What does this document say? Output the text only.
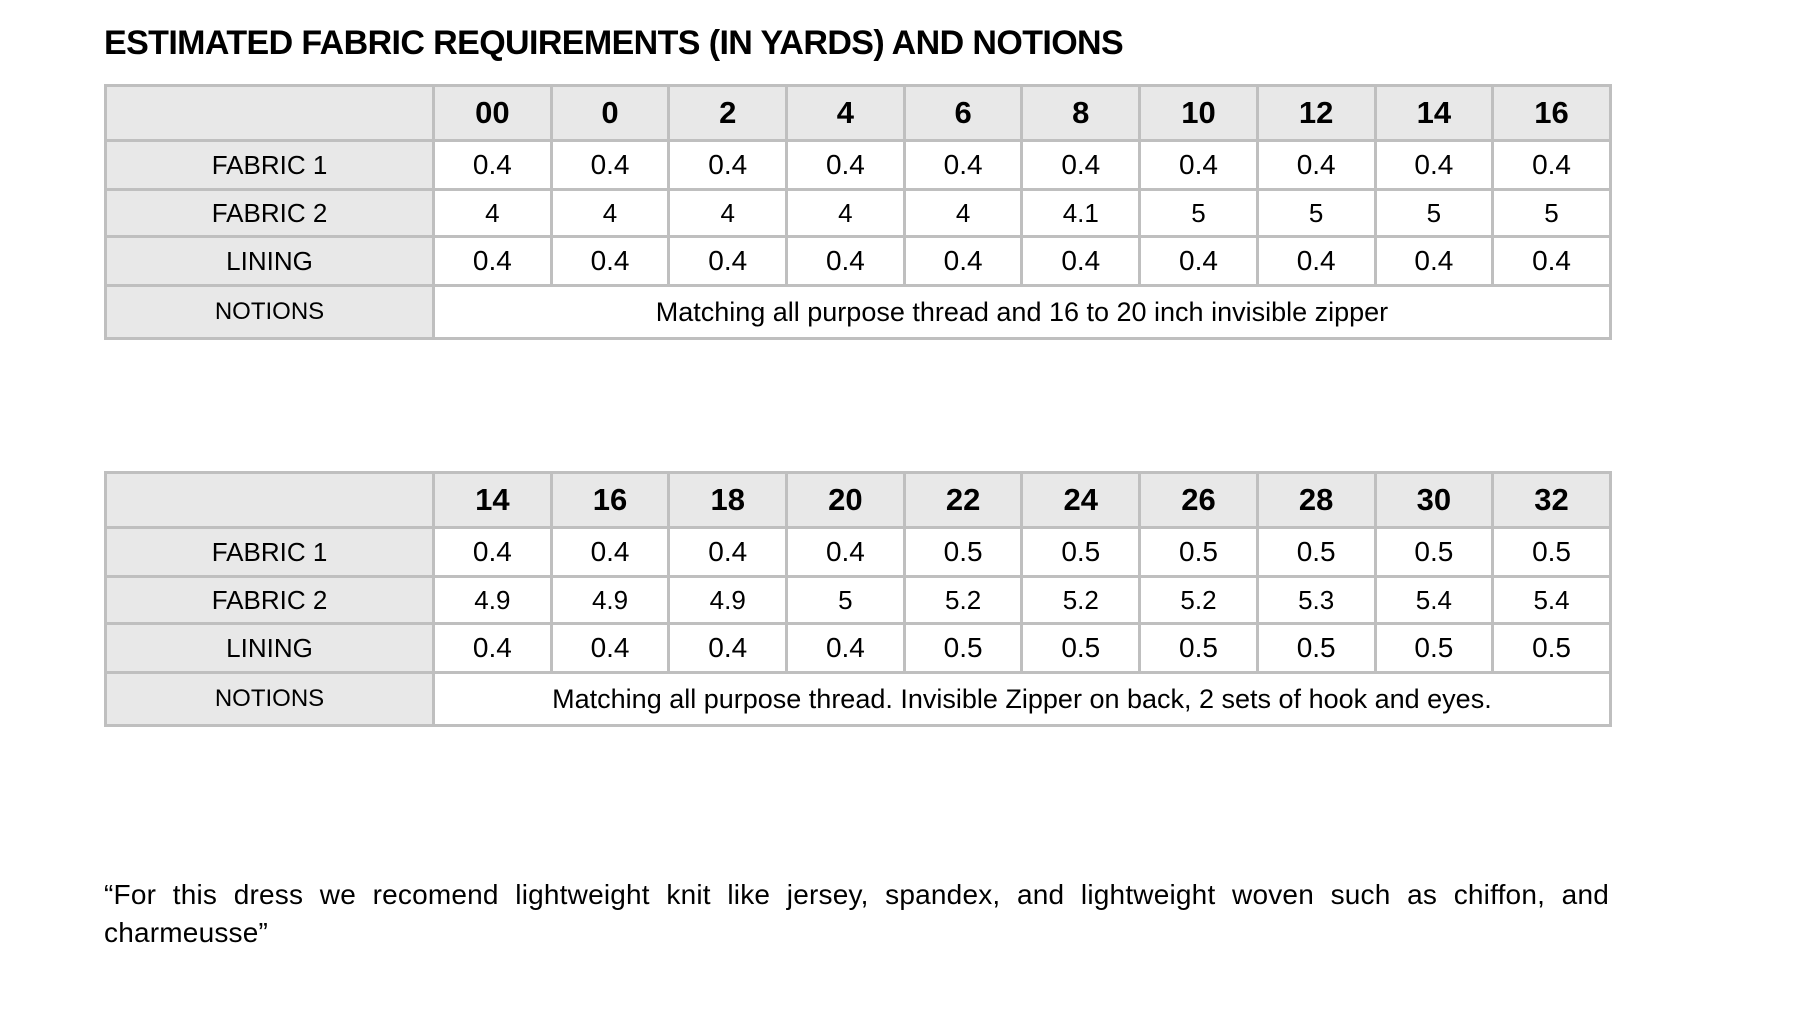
ESTIMATED FABRIC REQUIREMENTS (IN YARDS) AND NOTIONS
	00	0	2	4	6	8	10	12	14	16
FABRIC 1	0.4	0.4	0.4	0.4	0.4	0.4	0.4	0.4	0.4	0.4
FABRIC 2	4	4	4	4	4	4.1	5	5	5	5
LINING	0.4	0.4	0.4	0.4	0.4	0.4	0.4	0.4	0.4	0.4
NOTIONS	Matching all purpose thread and 16 to 20 inch invisible zipper									
	14	16	18	20	22	24	26	28	30	32
FABRIC 1	0.4	0.4	0.4	0.4	0.5	0.5	0.5	0.5	0.5	0.5
FABRIC 2	4.9	4.9	4.9	5	5.2	5.2	5.2	5.3	5.4	5.4
LINING	0.4	0.4	0.4	0.4	0.5	0.5	0.5	0.5	0.5	0.5
NOTIONS	Matching all purpose thread. Invisible Zipper on back, 2 sets of hook and eyes.									

“For this dress we recomend lightweight knit like jersey, spandex, and lightweight woven such as chiffon, and charmeusse”
